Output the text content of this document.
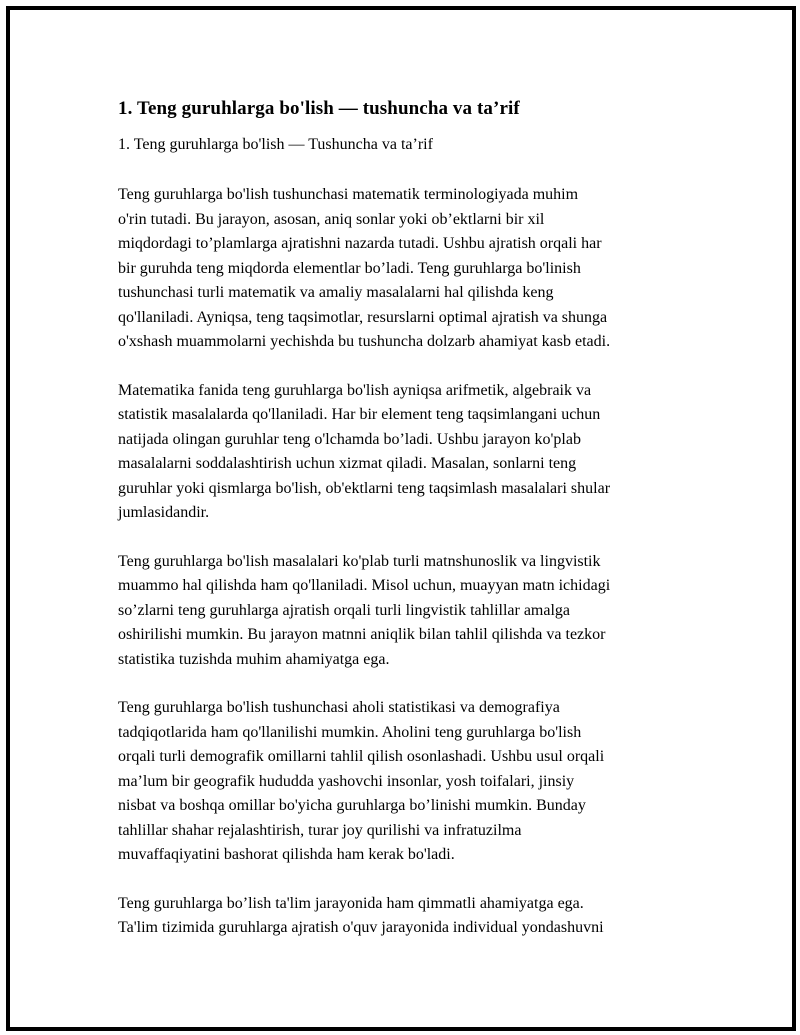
1. Teng guruhlarga bo'lish — tushuncha va ta’rif

1. Teng guruhlarga bo'lish — Tushuncha va ta’rif

Teng guruhlarga bo'lish tushunchasi matematik terminologiyada muhim
o'rin tutadi. Bu jarayon, asosan, aniq sonlar yoki ob’ektlarni bir xil
miqdordagi to’plamlarga ajratishni nazarda tutadi. Ushbu ajratish orqali har
bir guruhda teng miqdorda elementlar bo’ladi. Teng guruhlarga bo'linish
tushunchasi turli matematik va amaliy masalalarni hal qilishda keng
qo'llaniladi. Ayniqsa, teng taqsimotlar, resurslarni optimal ajratish va shunga
o'xshash muammolarni yechishda bu tushuncha dolzarb ahamiyat kasb etadi.

Matematika fanida teng guruhlarga bo'lish ayniqsa arifmetik, algebraik va
statistik masalalarda qo'llaniladi. Har bir element teng taqsimlangani uchun
natijada olingan guruhlar teng o'lchamda bo’ladi. Ushbu jarayon ko'plab
masalalarni soddalashtirish uchun xizmat qiladi. Masalan, sonlarni teng
guruhlar yoki qismlarga bo'lish, ob'ektlarni teng taqsimlash masalalari shular
jumlasidandir.

Teng guruhlarga bo'lish masalalari ko'plab turli matnshunoslik va lingvistik
muammo hal qilishda ham qo'llaniladi. Misol uchun, muayyan matn ichidagi
so’zlarni teng guruhlarga ajratish orqali turli lingvistik tahlillar amalga
oshirilishi mumkin. Bu jarayon matnni aniqlik bilan tahlil qilishda va tezkor
statistika tuzishda muhim ahamiyatga ega.

Teng guruhlarga bo'lish tushunchasi aholi statistikasi va demografiya
tadqiqotlarida ham qo'llanilishi mumkin. Aholini teng guruhlarga bo'lish
orqali turli demografik omillarni tahlil qilish osonlashadi. Ushbu usul orqali
ma’lum bir geografik hududda yashovchi insonlar, yosh toifalari, jinsiy
nisbat va boshqa omillar bo'yicha guruhlarga bo’linishi mumkin. Bunday
tahlillar shahar rejalashtirish, turar joy qurilishi va infratuzilma
muvaffaqiyatini bashorat qilishda ham kerak bo'ladi.

Teng guruhlarga bo’lish ta'lim jarayonida ham qimmatli ahamiyatga ega.
Ta'lim tizimida guruhlarga ajratish o'quv jarayonida individual yondashuvni
